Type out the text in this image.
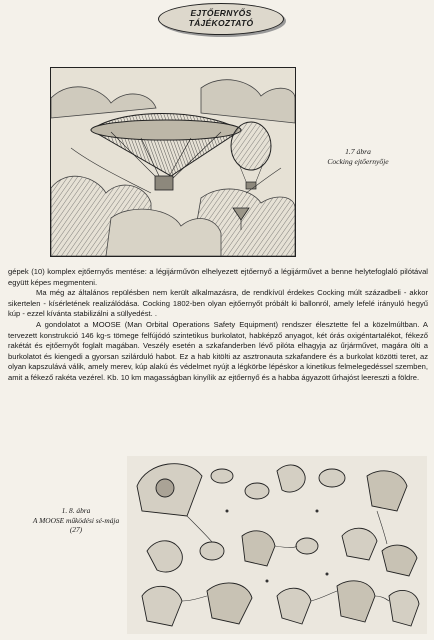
EJTŐERNYŐS
TÁJÉKOZTATÓ
1.7 ábra
Cocking ejtőernyője

gépek (10) komplex ejtőernyős mentése: a légijárművön elhelyezett ejtőernyő a légijárművet a benne helytefoglaló pilótával együtt képes megmenteni.

Ma még az általános repülésben nem került alkalmazásra, de rendkívül érdekes Cocking múlt századbeli - akkor sikertelen - kísérletének realizálódása. Cocking 1802-ben olyan ejtőernyőt próbált ki ballonról, amely lefelé irányuló hegyű kúp - ezzel kívánta stabilizálni a süllyedést. .

A gondolatot a MOOSE (Man Orbital Operations Safety Equipment) rendszer élesztette fel a közelmúltban. A tervezett konstrukció 146 kg-s tömege felfújódó szintetikus burkolatot, habképző anyagot, két órás oxigéntartalékot, fékező rakétát és ejtőernyőt foglalt magában. Veszély esetén a szkafanderben lévő pilóta elhagyja az űrjárművet, magára ölti a burkolatot és kiengedi a gyorsan szilárduló habot. Ez a hab kitölti az asztronauta szkafandere és a burkolat közötti teret, az olyan kapszulává válik, amely merev, kúp alakú és védelmet nyújt a légkörbe lépéskor a kinetikus felmelegedéssel szemben, amit a fékező rakéta vezérel. Kb. 10 km magasságban kinyílik az ejtőernyő és a habba ágyazott űrhajóst leereszti a földre.

1. 8. ábra
A MOOSE működési sé-mája (27)
